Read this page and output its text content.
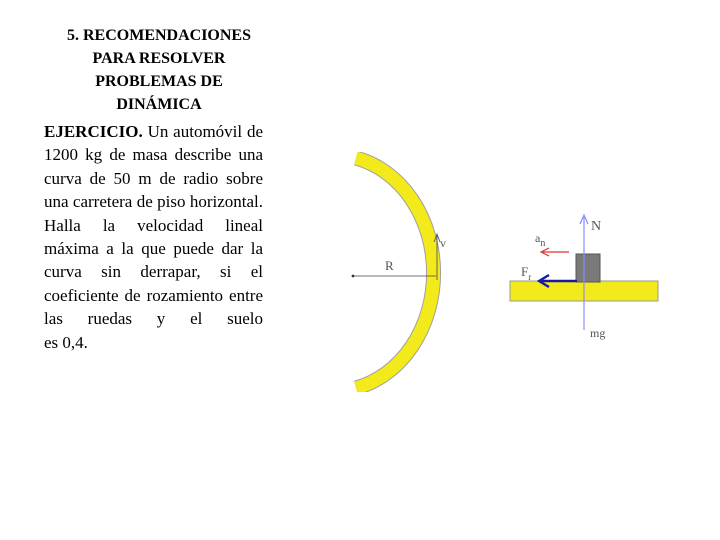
5. RECOMENDACIONES
PARA RESOLVER
PROBLEMAS DE
DINÁMICA
EJERCICIO. Un automóvil de 1200 kg de masa describe una curva de 50 m de radio sobre una carretera de piso horizontal. Halla la velocidad lineal máxima a la que puede dar la curva sin derrapar, si el coeficiente de rozamiento entre las ruedas y el suelo
es 0,4.
R
v
N
mg
$a_n$
$F_r$
